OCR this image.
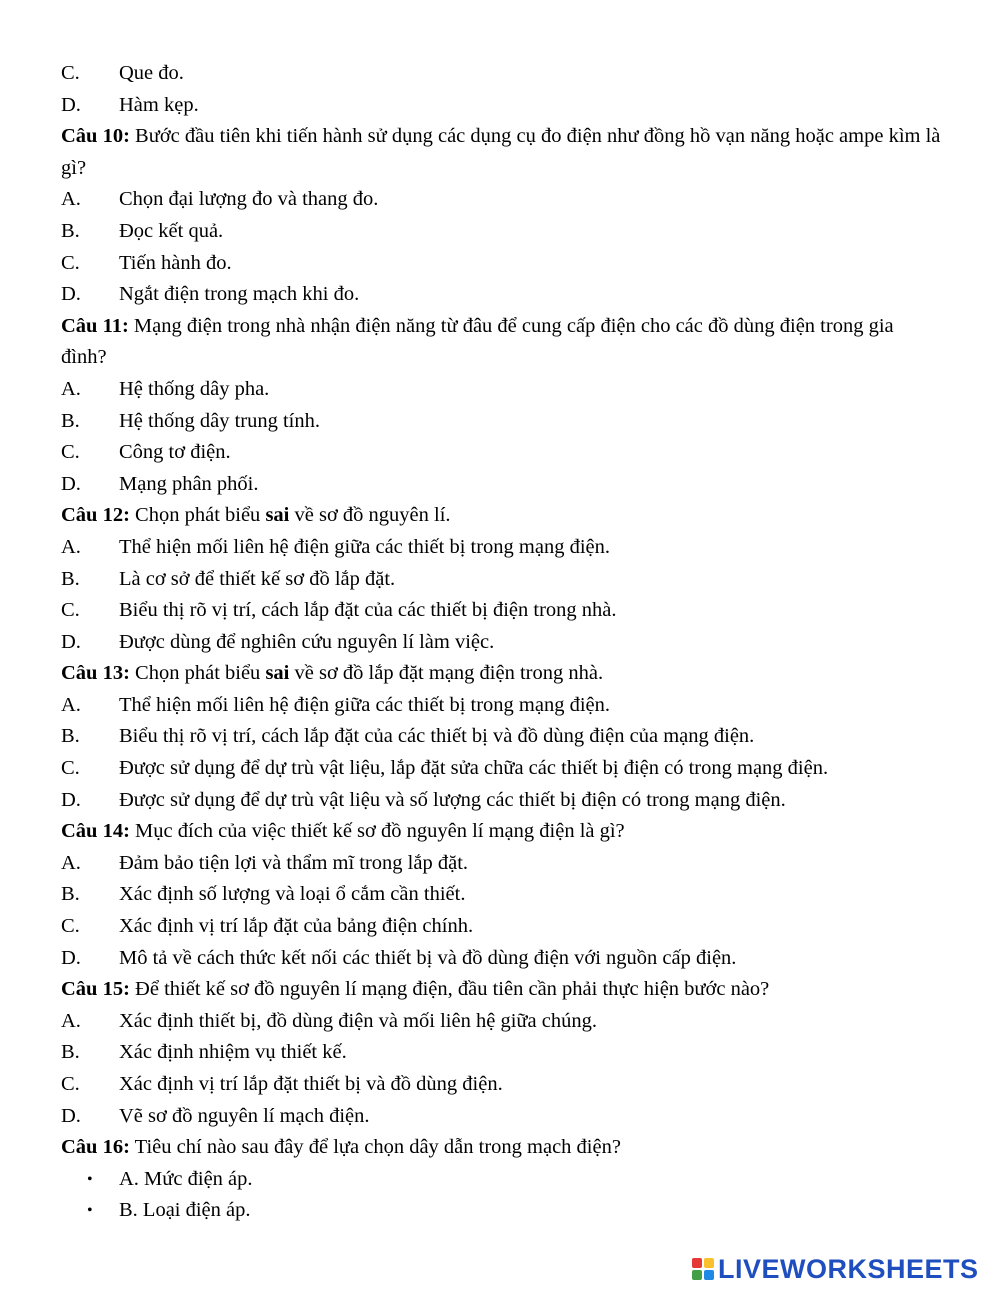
C.	Que đo.
D.	Hàm kẹp.
Câu 10: Bước đầu tiên khi tiến hành sử dụng các dụng cụ đo điện như đồng hồ vạn năng hoặc ampe kìm là gì?
A.	Chọn đại lượng đo và thang đo.
B.	Đọc kết quả.
C.	Tiến hành đo.
D.	Ngắt điện trong mạch khi đo.
Câu 11: Mạng điện trong nhà nhận điện năng từ đâu để cung cấp điện cho các đồ dùng điện trong gia đình?
A.	Hệ thống dây pha.
B.	Hệ thống dây trung tính.
C.	Công tơ điện.
D.	Mạng phân phối.
Câu 12: Chọn phát biểu sai về sơ đồ nguyên lí.
A.	Thể hiện mối liên hệ điện giữa các thiết bị trong mạng điện.
B.	Là cơ sở để thiết kế sơ đồ lắp đặt.
C.	Biểu thị rõ vị trí, cách lắp đặt của các thiết bị điện trong nhà.
D.	Được dùng để nghiên cứu nguyên lí làm việc.
Câu 13: Chọn phát biểu sai về sơ đồ lắp đặt mạng điện trong nhà.
A.	Thể hiện mối liên hệ điện giữa các thiết bị trong mạng điện.
B.	Biểu thị rõ vị trí, cách lắp đặt của các thiết bị và đồ dùng điện của mạng điện.
C.	Được sử dụng để dự trù vật liệu, lắp đặt sửa chữa các thiết bị điện có trong mạng điện.
D.	Được sử dụng để dự trù vật liệu và số lượng các thiết bị điện có trong mạng điện.
Câu 14: Mục đích của việc thiết kế sơ đồ nguyên lí mạng điện là gì?
A.	Đảm bảo tiện lợi và thẩm mĩ trong lắp đặt.
B.	Xác định số lượng và loại ổ cắm cần thiết.
C.	Xác định vị trí lắp đặt của bảng điện chính.
D.	Mô tả về cách thức kết nối các thiết bị và đồ dùng điện với nguồn cấp điện.
Câu 15: Để thiết kế sơ đồ nguyên lí mạng điện, đầu tiên cần phải thực hiện bước nào?
A.	Xác định thiết bị, đồ dùng điện và mối liên hệ giữa chúng.
B.	Xác định nhiệm vụ thiết kế.
C.	Xác định vị trí lắp đặt thiết bị và đồ dùng điện.
D.	Vẽ sơ đồ nguyên lí mạch điện.
Câu 16: Tiêu chí nào sau đây để lựa chọn dây dẫn trong mạch điện?
•	A. Mức điện áp.
•	B. Loại điện áp.
LIVEWORKSHEETS
